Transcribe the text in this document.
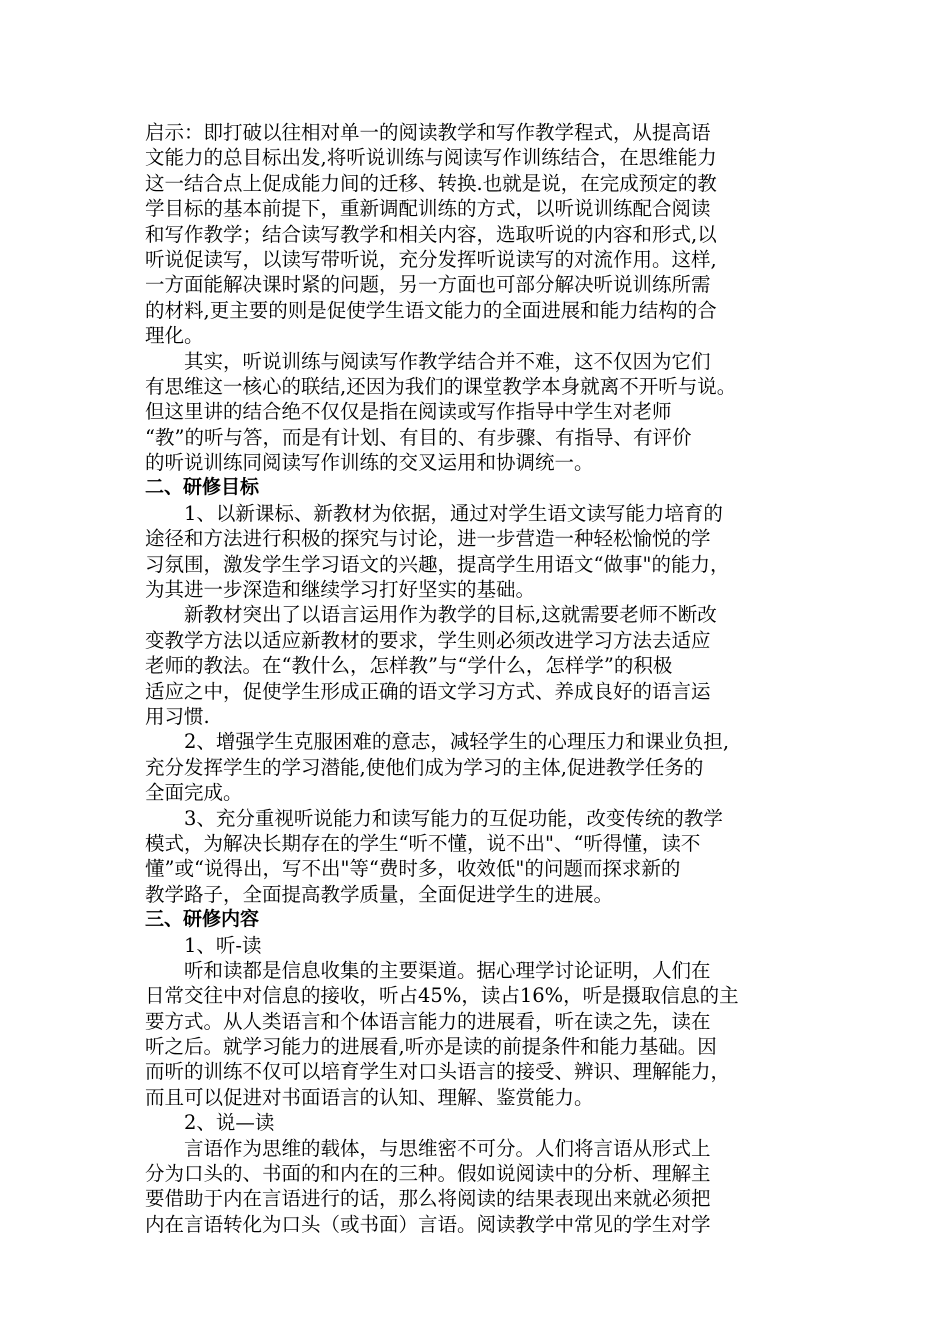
启示：即打破以往相对单一的阅读教学和写作教学程式，从提高语
文能力的总目标出发,将听说训练与阅读写作训练结合，在思维能力
这一结合点上促成能力间的迁移、转换.也就是说，在完成预定的教
学目标的基本前提下，重新调配训练的方式，以听说训练配合阅读
和写作教学；结合读写教学和相关内容，选取听说的内容和形式,以
听说促读写，以读写带听说，充分发挥听说读写的对流作用。这样,
一方面能解决课时紧的问题，另一方面也可部分解决听说训练所需
的材料,更主要的则是促使学生语文能力的全面进展和能力结构的合
理化。
其实，听说训练与阅读写作教学结合并不难，这不仅因为它们
有思维这一核心的联结,还因为我们的课堂教学本身就离不开听与说。
但这里讲的结合绝不仅仅是指在阅读或写作指导中学生对老师
“教”的听与答，而是有计划、有目的、有步骤、有指导、有评价
的听说训练同阅读写作训练的交叉运用和协调统一。
二、研修目标
1、以新课标、新教材为依据，通过对学生语文读写能力培育的
途径和方法进行积极的探究与讨论，进一步营造一种轻松愉悦的学
习氛围，激发学生学习语文的兴趣，提高学生用语文“做事"的能力，
为其进一步深造和继续学习打好坚实的基础。
新教材突出了以语言运用作为教学的目标,这就需要老师不断改
变教学方法以适应新教材的要求，学生则必须改进学习方法去适应
老师的教法。在“教什么，怎样教”与“学什么，怎样学”的积极
适应之中，促使学生形成正确的语文学习方式、养成良好的语言运
用习惯.
2、增强学生克服困难的意志，减轻学生的心理压力和课业负担,
充分发挥学生的学习潜能,使他们成为学习的主体,促进教学任务的
全面完成。
3、充分重视听说能力和读写能力的互促功能，改变传统的教学
模式，为解决长期存在的学生“听不懂，说不出"、“听得懂，读不
懂”或“说得出，写不出"等“费时多，收效低"的问题而探求新的
教学路子，全面提高教学质量，全面促进学生的进展。
三、研修内容
1、听-读
听和读都是信息收集的主要渠道。据心理学讨论证明，人们在
日常交往中对信息的接收，听占45%，读占16%，听是摄取信息的主
要方式。从人类语言和个体语言能力的进展看，听在读之先，读在
听之后。就学习能力的进展看,听亦是读的前提条件和能力基础。因
而听的训练不仅可以培育学生对口头语言的接受、辨识、理解能力，
而且可以促进对书面语言的认知、理解、鉴赏能力。
2、说—读
言语作为思维的载体，与思维密不可分。人们将言语从形式上
分为口头的、书面的和内在的三种。假如说阅读中的分析、理解主
要借助于内在言语进行的话，那么将阅读的结果表现出来就必须把
内在言语转化为口头（或书面）言语。阅读教学中常见的学生对学
